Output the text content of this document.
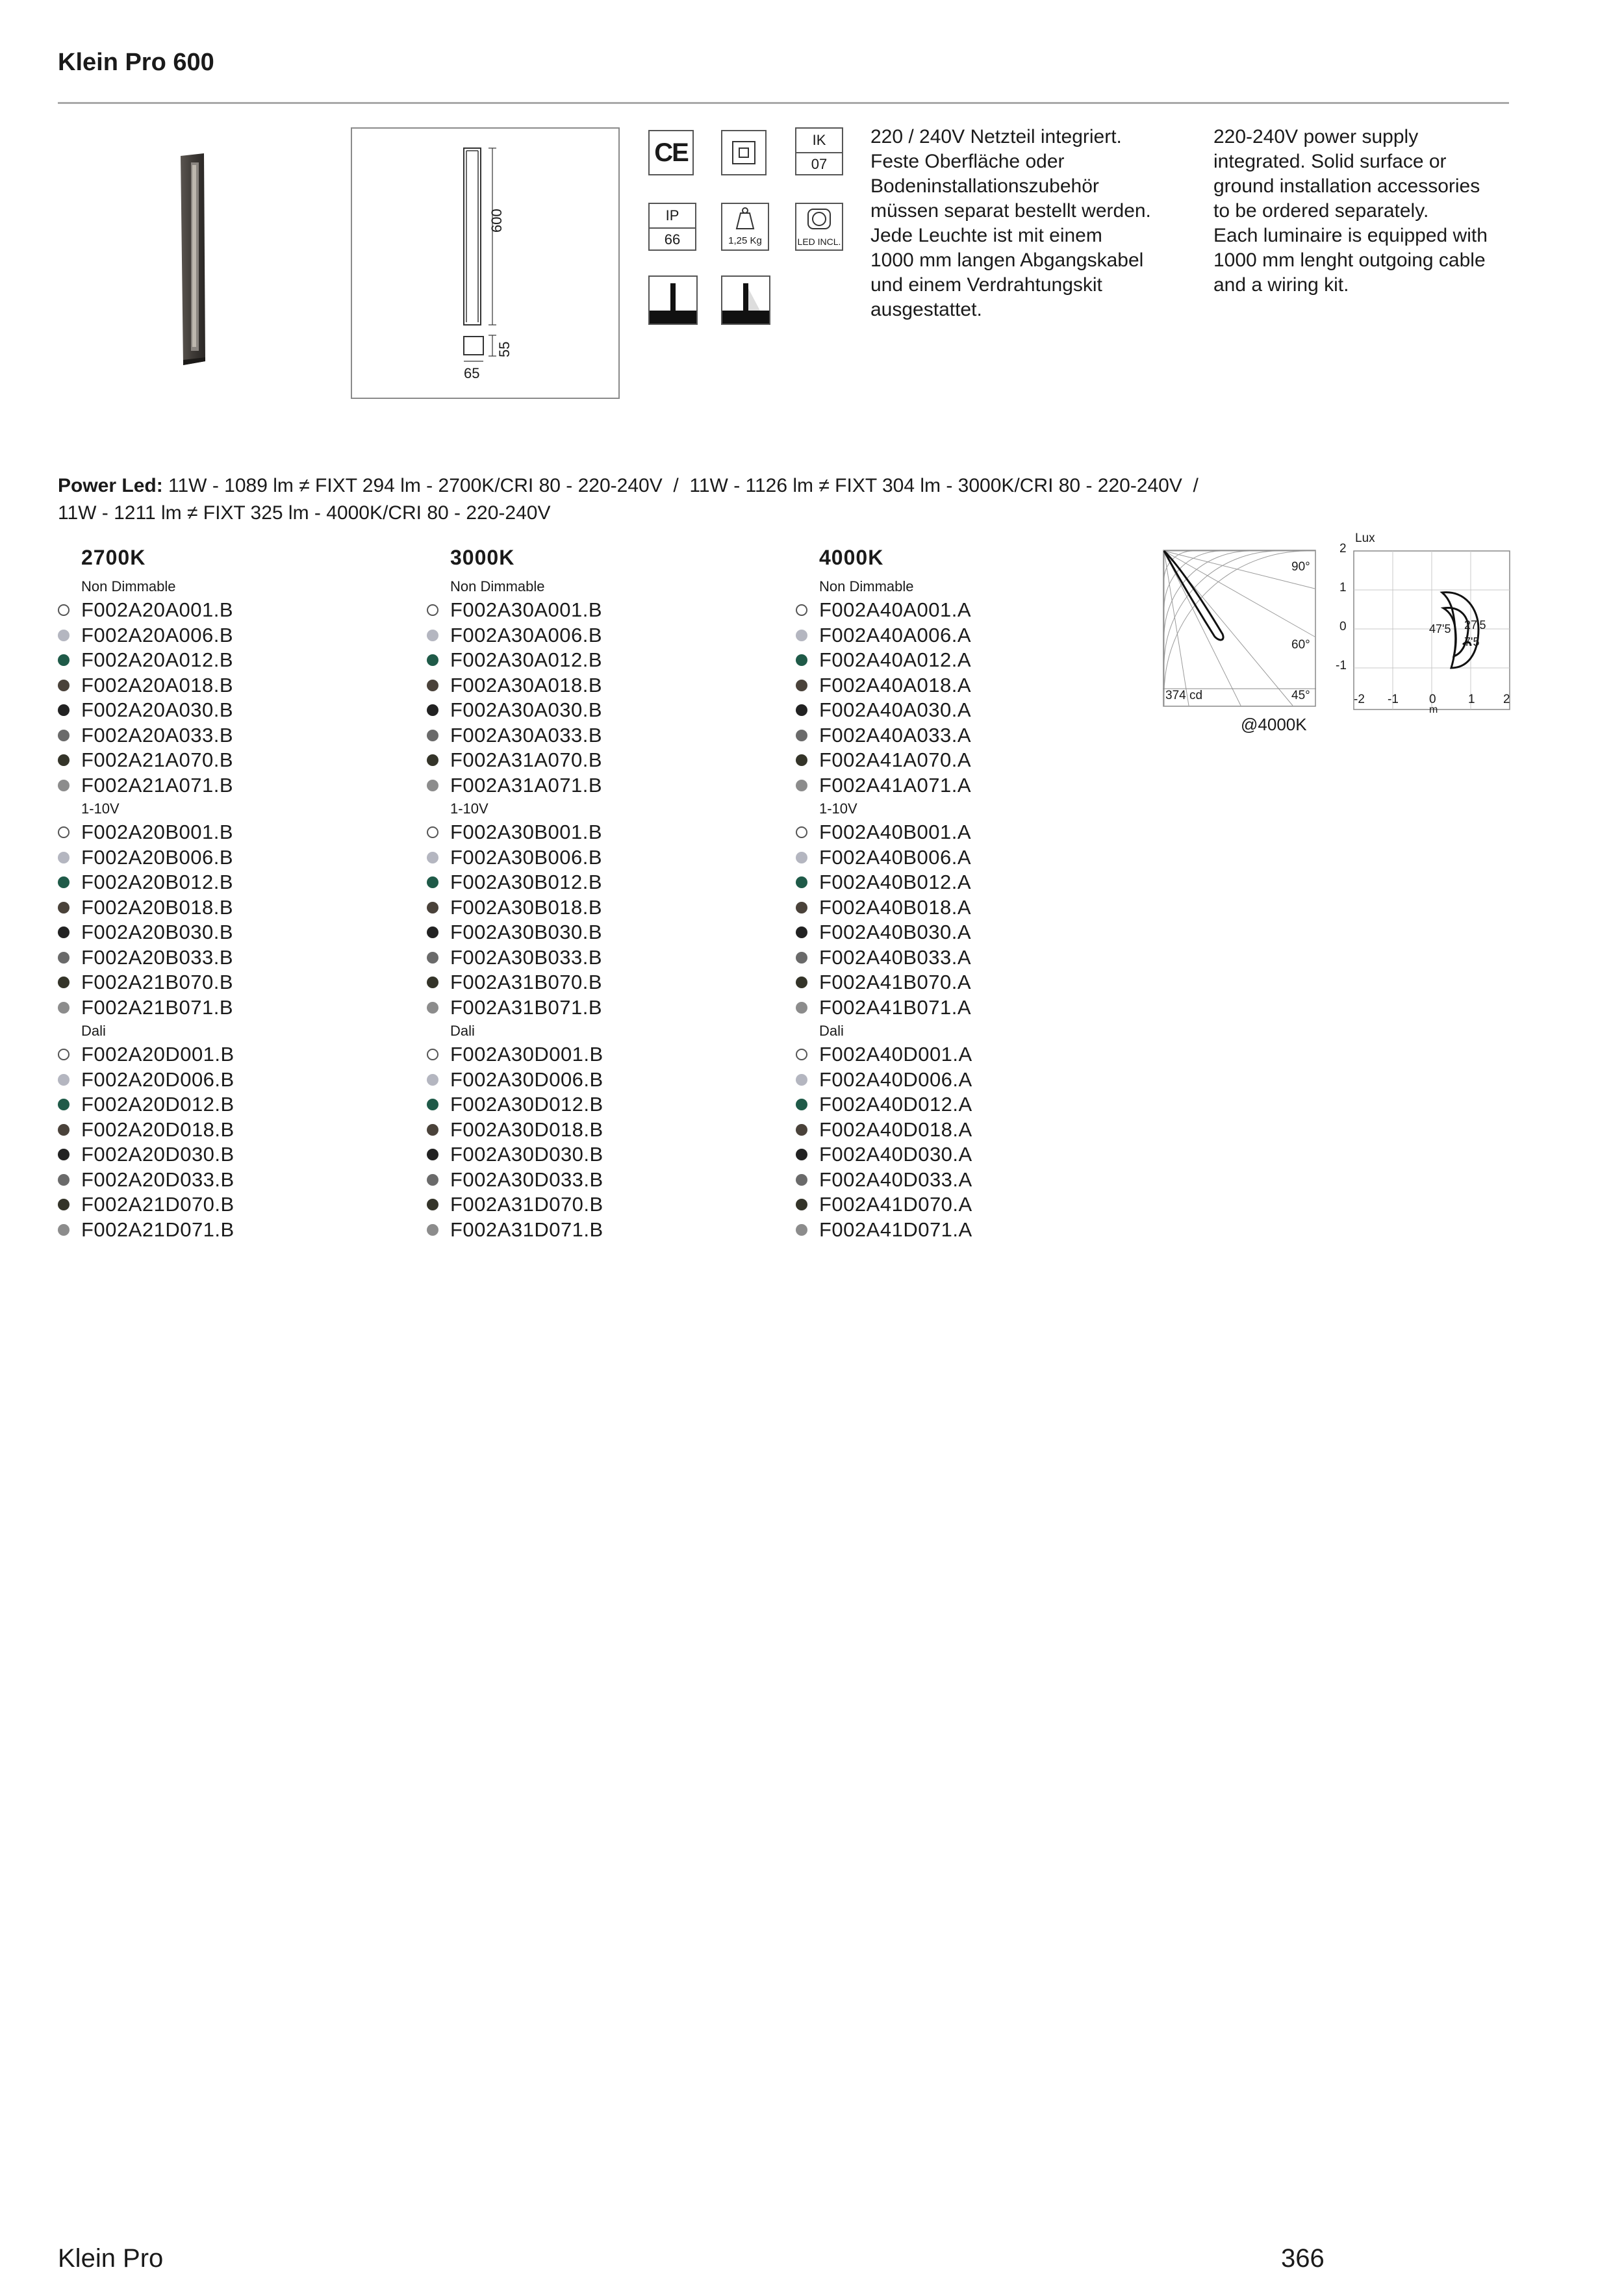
Klein Pro 600
600
55
65
CE	IK
07
IP
66	1,25 Kg	LED INCL.
220 / 240V Netzteil integriert.
Feste Oberfläche oder
Bodeninstallationszubehör
müssen separat bestellt werden.
Jede Leuchte ist mit einem
1000 mm langen Abgangskabel
und einem Verdrahtungskit
ausgestattet.
220-240V power supply
integrated. Solid surface or
ground installation accessories
to be ordered separately.
Each luminaire is equipped with
1000 mm lenght outgoing cable
and a wiring kit.
Power Led: 11W - 1089 lm ≠ FIXT 294 lm - 2700K/CRI 80 - 220-240V  /  11W - 1126 lm ≠ FIXT 304 lm - 3000K/CRI 80 - 220-240V  /
11W - 1211 lm ≠ FIXT 325 lm - 4000K/CRI 80 - 220-240V
2700K
Non Dimmable
F002A20A001.B
F002A20A006.B
F002A20A012.B
F002A20A018.B
F002A20A030.B
F002A20A033.B
F002A21A070.B
F002A21A071.B
1-10V
F002A20B001.B
F002A20B006.B
F002A20B012.B
F002A20B018.B
F002A20B030.B
F002A20B033.B
F002A21B070.B
F002A21B071.B
Dali
F002A20D001.B
F002A20D006.B
F002A20D012.B
F002A20D018.B
F002A20D030.B
F002A20D033.B
F002A21D070.B
F002A21D071.B
3000K
Non Dimmable
F002A30A001.B
F002A30A006.B
F002A30A012.B
F002A30A018.B
F002A30A030.B
F002A30A033.B
F002A31A070.B
F002A31A071.B
1-10V
F002A30B001.B
F002A30B006.B
F002A30B012.B
F002A30B018.B
F002A30B030.B
F002A30B033.B
F002A31B070.B
F002A31B071.B
Dali
F002A30D001.B
F002A30D006.B
F002A30D012.B
F002A30D018.B
F002A30D030.B
F002A30D033.B
F002A31D070.B
F002A31D071.B
4000K
Non Dimmable
F002A40A001.A
F002A40A006.A
F002A40A012.A
F002A40A018.A
F002A40A030.A
F002A40A033.A
F002A41A070.A
F002A41A071.A
1-10V
F002A40B001.A
F002A40B006.A
F002A40B012.A
F002A40B018.A
F002A40B030.A
F002A40B033.A
F002A41B070.A
F002A41B071.A
Dali
F002A40D001.A
F002A40D006.A
F002A40D012.A
F002A40D018.A
F002A40D030.A
F002A40D033.A
F002A41D070.A
F002A41D071.A
90°
60°
45°
374 cd
@4000K
Lux
2
1
0
-1
-2 -1 0
m
1 2
47'5 27'5
7'5
Klein Pro	366
